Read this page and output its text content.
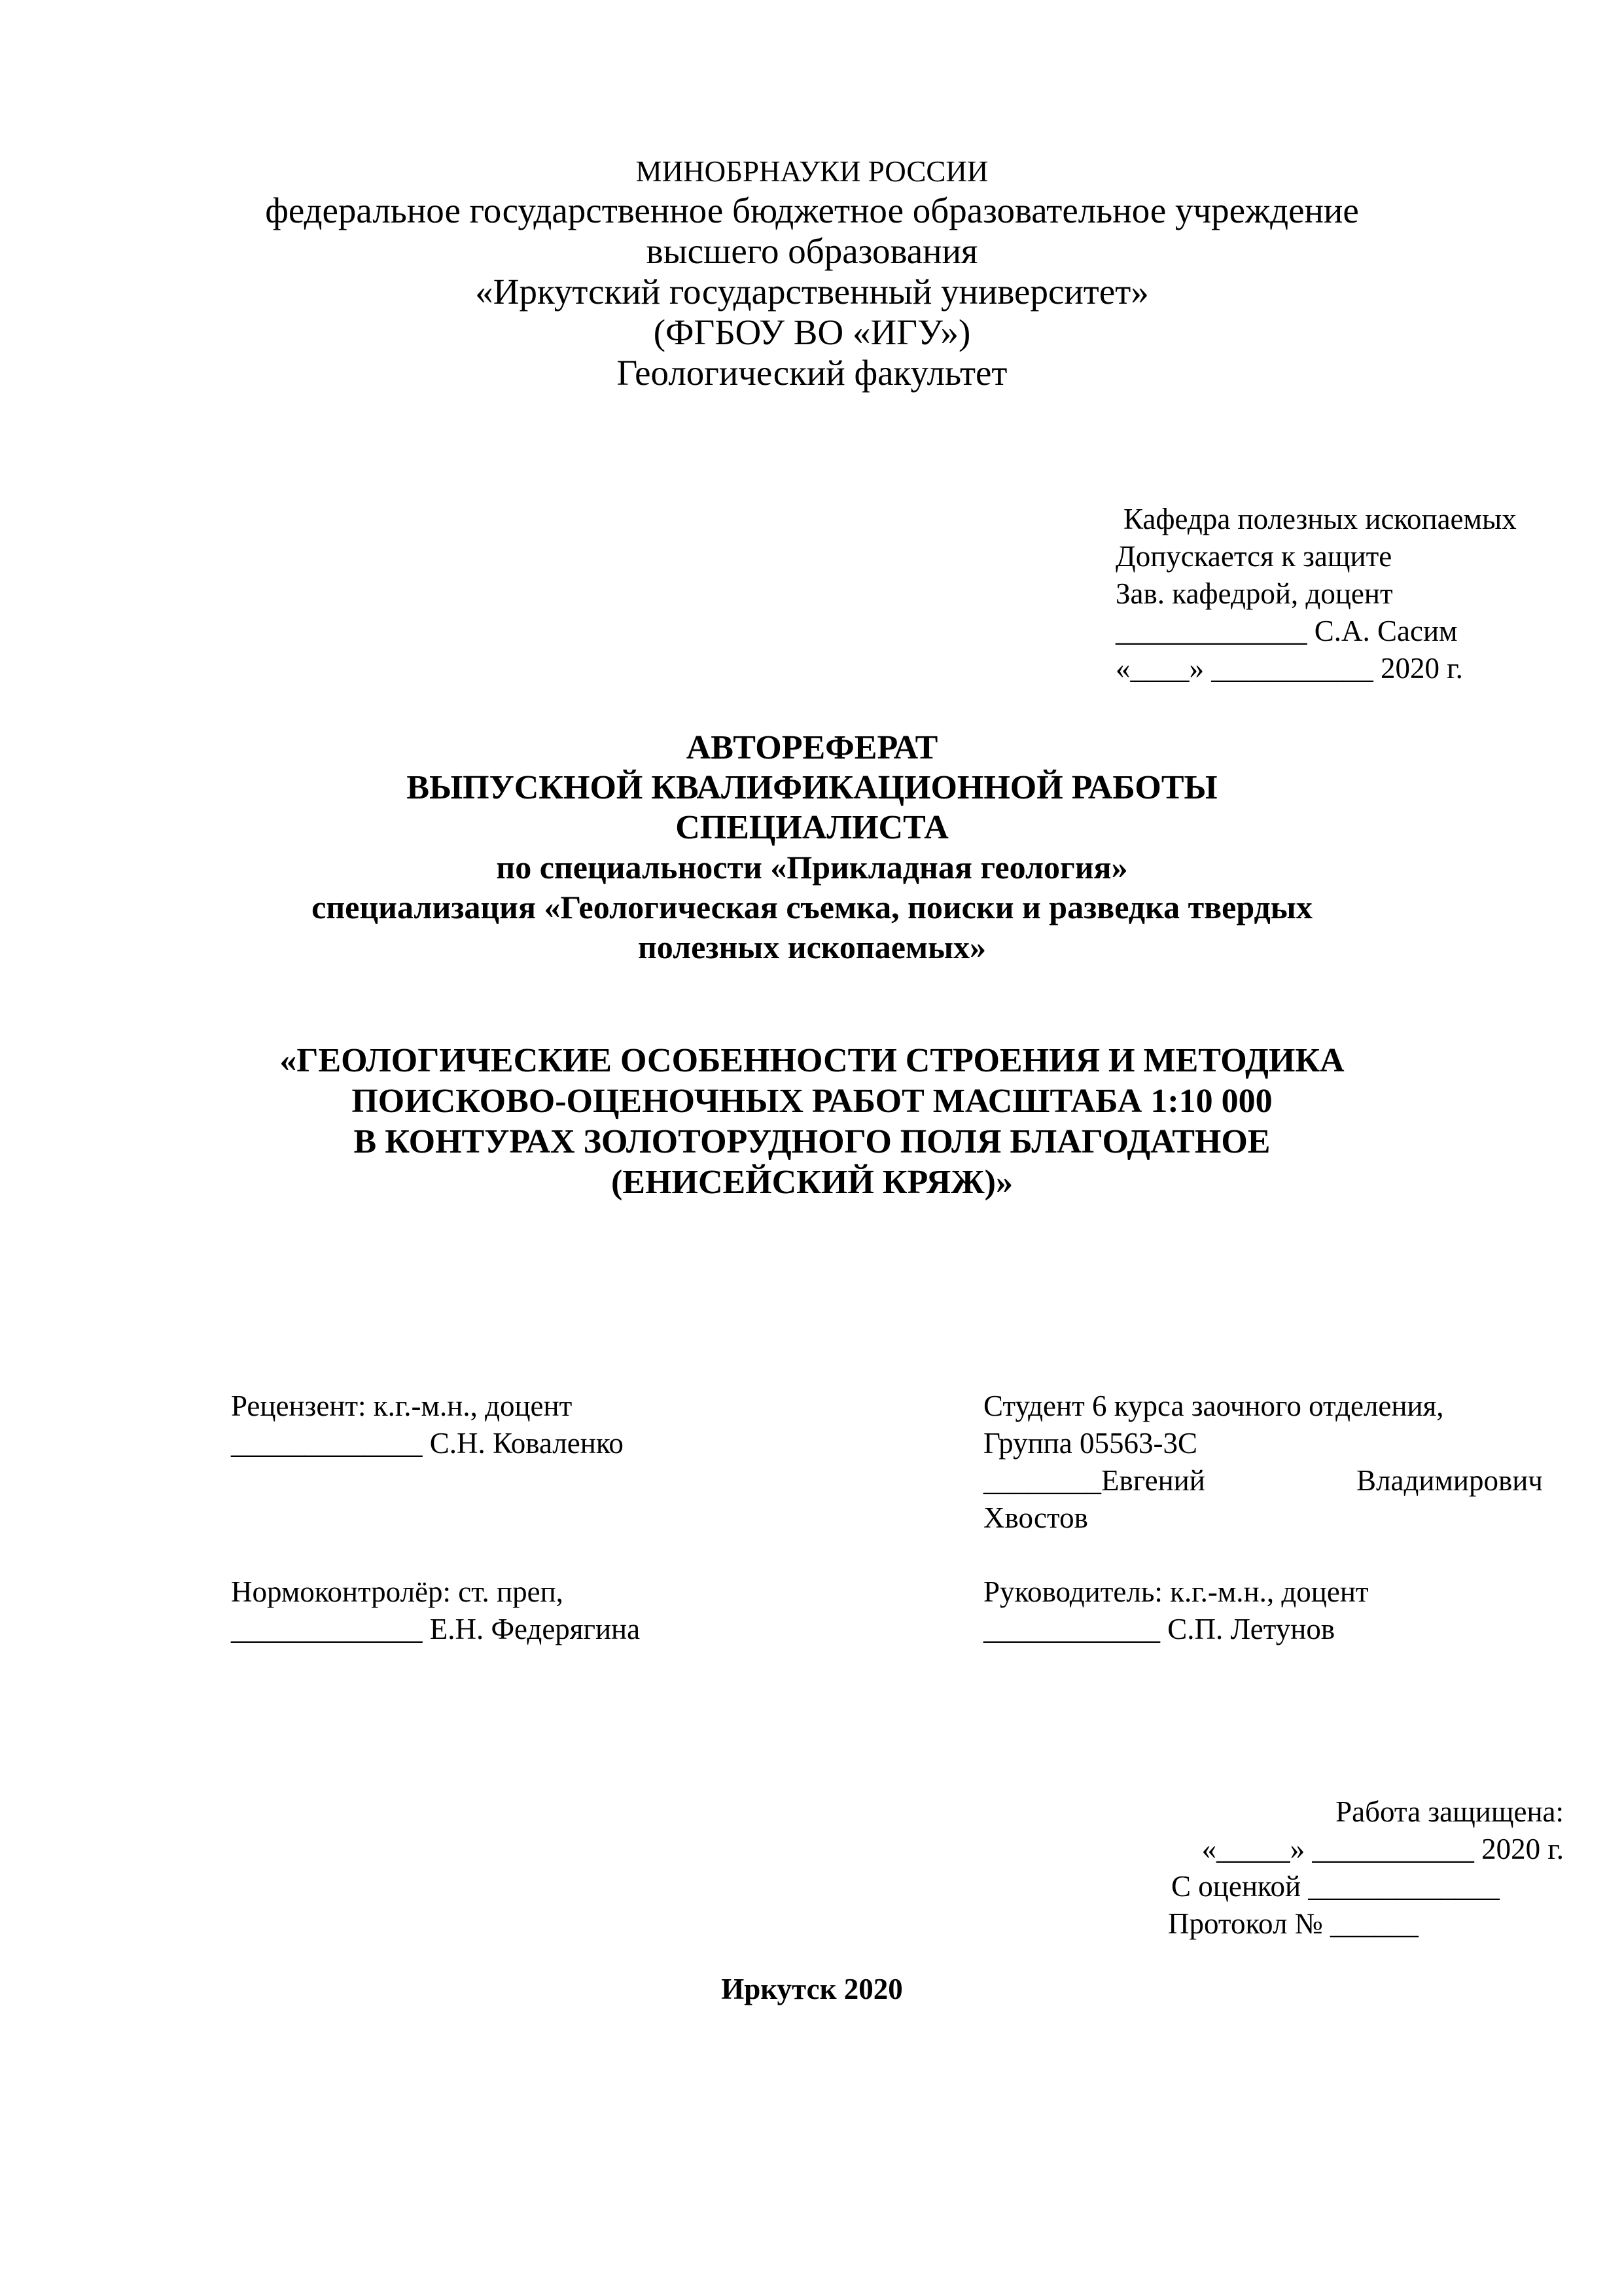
МИНОБРНАУКИ РОССИИ
федеральное государственное бюджетное образовательное учреждение
высшего образования
«Иркутский государственный университет»
(ФГБОУ ВО «ИГУ»)
Геологический факультет
Кафедра полезных ископаемых
Допускается к защите
Зав. кафедрой, доцент
_____________ С.А. Сасим
«____» ___________ 2020 г.
АВТОРЕФЕРАТ
ВЫПУСКНОЙ КВАЛИФИКАЦИОННОЙ РАБОТЫ
СПЕЦИАЛИСТА
по специальности «Прикладная геология»
специализация «Геологическая съемка, поиски и разведка твердых
полезных ископаемых»
«ГЕОЛОГИЧЕСКИЕ ОСОБЕННОСТИ СТРОЕНИЯ И МЕТОДИКА
ПОИСКОВО-ОЦЕНОЧНЫХ РАБОТ МАСШТАБА 1:10 000
В КОНТУРАХ ЗОЛОТОРУДНОГО ПОЛЯ БЛАГОДАТНОЕ
(ЕНИСЕЙСКИЙ КРЯЖ)»
Рецензент: к.г.-м.н., доцент
_____________ С.Н. Коваленко
Нормоконтролёр: ст. преп,
_____________ Е.Н. Федерягина
Студент 6 курса заочного отделения,
Группа 05563-3С
________Евгений	Владимирович
Хвостов
Руководитель: к.г.-м.н., доцент
____________ С.П. Летунов
Работа защищена:
«_____» ___________ 2020 г.
С оценкой _____________
Протокол № ______
Иркутск 2020
